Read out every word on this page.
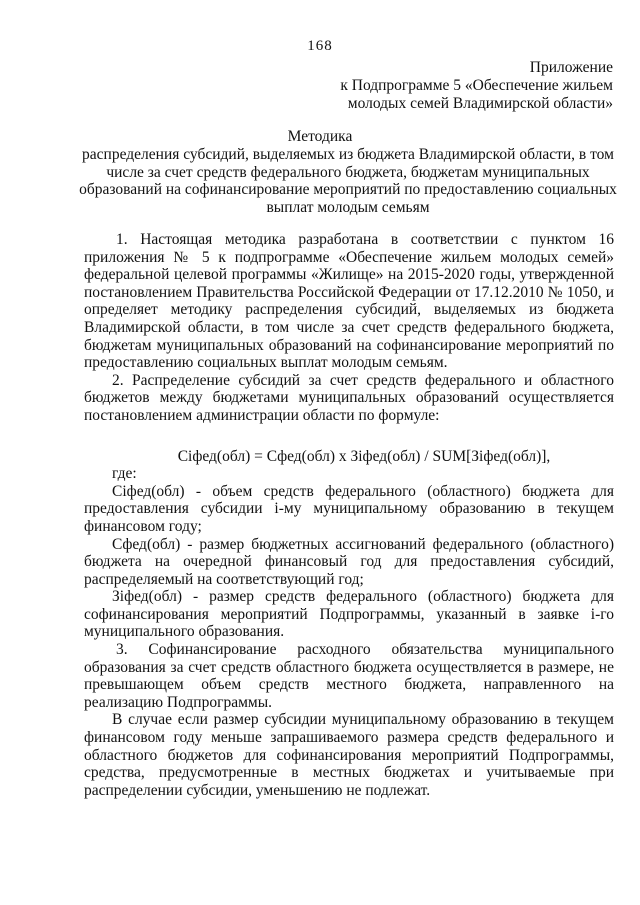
168
Приложение
к Подпрограмме 5 «Обеспечение жильем
молодых семей Владимирской области»
Методика
распределения субсидий, выделяемых из бюджета Владимирской области, в том числе за счет средств федерального бюджета, бюджетам муниципальных образований на софинансирование мероприятий по предоставлению социальных выплат молодым семьям

1. Настоящая методика разработана в соответствии с пунктом 16 приложения № 5 к подпрограмме «Обеспечение жильем молодых семей» федеральной целевой программы «Жилище» на 2015-2020 годы, утвержденной постановлением Правительства Российской Федерации от 17.12.2010 № 1050, и определяет методику распределения субсидий, выделяемых из бюджета Владимирской области, в том числе за счет средств федерального бюджета, бюджетам муниципальных образований на софинансирование мероприятий по предоставлению социальных выплат молодым семьям.

2. Распределение субсидий за счет средств федерального и областного бюджетов между бюджетами муниципальных образований осуществляется постановлением администрации области по формуле:

Ciфед(обл) = Cфед(обл) х Зiфед(обл) / SUM[Зiфед(обл)],

где:

Ciфед(обл) - объем средств федерального (областного) бюджета для предоставления субсидии i-му муниципальному образованию в текущем финансовом году;

Cфед(обл) - размер бюджетных ассигнований федерального (областного) бюджета на очередной финансовый год для предоставления субсидий, распределяемый на соответствующий год;

Зiфед(обл) - размер средств федерального (областного) бюджета для софинансирования мероприятий Подпрограммы, указанный в заявке i-го муниципального образования.

3. Софинансирование расходного обязательства муниципального образования за счет средств областного бюджета осуществляется в размере, не превышающем объем средств местного бюджета, направленного на реализацию Подпрограммы.

В случае если размер субсидии муниципальному образованию в текущем финансовом году меньше запрашиваемого размера средств федерального и областного бюджетов для софинансирования мероприятий Подпрограммы, средства, предусмотренные в местных бюджетах и учитываемые при распределении субсидии, уменьшению не подлежат.
